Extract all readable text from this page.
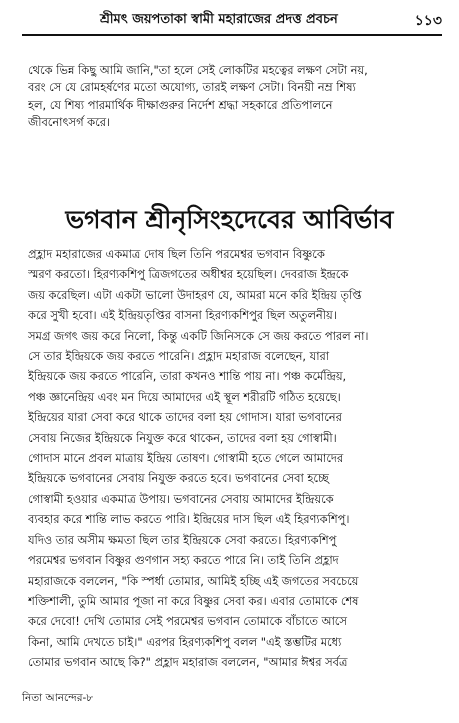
শ্রীমৎ জয়পতাকা স্বামী মহারাজের প্রদত্ত প্রবচন	১১৩
থেকে ভিন্ন কিছু আমি জানি,"তা হলে সেই লোকটির মহত্বের লক্ষণ সেটা নয়,
বরং সে যে রোমহর্ষণের মতো অযোগ্য, তারই লক্ষণ সেটা। বিনয়ী নম্র শিষ্য
হল, যে শিষ্য পারমার্থিক দীক্ষাগুরুর নির্দেশ শ্রদ্ধা সহকারে প্রতিপালনে
জীবনোৎসর্গ করে।
ভগবান শ্রীনৃসিংহদেবের আবির্ভাব
প্রহ্লাদ মহারাজের একমাত্র দোষ ছিল তিনি পরমেশ্বর ভগবান বিষ্ণুকে
স্মরণ করতো। হিরণ্যকশিপু ত্রিজগতের অধীশ্বর হয়েছিল। দেবরাজ ইন্দ্রকে
জয় করেছিল। এটা একটা ভালো উদাহরণ যে, আমরা মনে করি ইন্দ্রিয় তৃপ্তি
করে সুখী হবো। এই ইন্দ্রিয়তৃপ্তির বাসনা হিরণ্যকশিপুর ছিল অতুলনীয়।
সমগ্র জগৎ জয় করে নিলো, কিন্তু একটি জিনিসকে সে জয় করতে পারল না।
সে তার ইন্দ্রিয়কে জয় করতে পারেনি। প্রহ্লাদ মহারাজ বলেছেন, যারা
ইন্দ্রিয়কে জয় করতে পারেনি, তারা কখনও শান্তি পায় না। পঞ্চ কর্মেন্দ্রিয়,
পঞ্চ জ্ঞানেন্দ্রিয় এবং মন দিয়ে আমাদের এই স্থূল শরীরটি গঠিত হয়েছে।
ইন্দ্রিয়ের যারা সেবা করে থাকে তাদের বলা হয় গোদাস। যারা ভগবানের
সেবায় নিজের ইন্দ্রিয়কে নিযুক্ত করে থাকেন, তাদের বলা হয় গোস্বামী।
গোদাস মানে প্রবল মাত্রায় ইন্দ্রিয় তোষণ। গোস্বামী হতে গেলে আমাদের
ইন্দ্রিয়কে ভগবানের সেবায় নিযুক্ত করতে হবে। ভগবানের সেবা হচ্ছে
গোস্বামী হওয়ার একমাত্র উপায়। ভগবানের সেবায় আমাদের ইন্দ্রিয়কে
ব্যবহার করে শান্তি লাভ করতে পারি। ইন্দ্রিয়ের দাস ছিল এই হিরণ্যকশিপু।
যদিও তার অসীম ক্ষমতা ছিল তার ইন্দ্রিয়কে সেবা করতে। হিরণ্যকশিপু
পরমেশ্বর ভগবান বিষ্ণুর গুণগান সহ্য করতে পারে নি। তাই তিনি প্রহ্লাদ
মহারাজকে বললেন, "কি স্পর্ধা তোমার, আমিই হচ্ছি এই জগতের সবচেয়ে
শক্তিশালী, তুমি আমার পূজা না করে বিষ্ণুর সেবা কর। এবার তোমাকে শেষ
করে দেবো! দেখি তোমার সেই পরমেশ্বর ভগবান তোমাকে বাঁচাতে আসে
কিনা, আমি দেখতে চাই।" এরপর হিরণ্যকশিপু বলল "এই স্তম্ভটির মধ্যে
তোমার ভগবান আছে কি?" প্রহ্লাদ মহারাজ বললেন, "আমার ঈশ্বর সর্বত্র
নিতা আনন্দের-৮
